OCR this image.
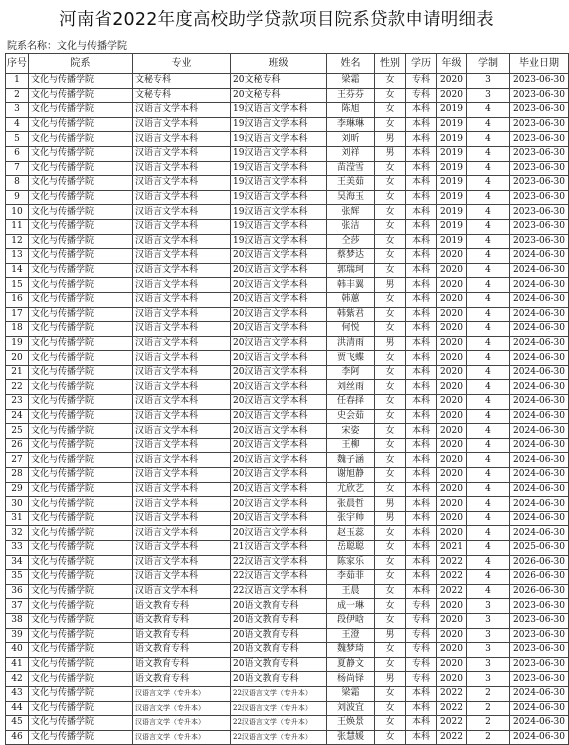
河南省2022年度高校助学贷款项目院系贷款申请明细表
院系名称：文化与传播学院
序号	院系	专业	班级	姓名	性别	学历	年级	学制	毕业日期
1	文化与传播学院	文秘专科	20文秘专科	梁霜	女	专科	2020	3	2023-06-30
2	文化与传播学院	文秘专科	20文秘专科	王芬芬	女	专科	2020	3	2023-06-30
3	文化与传播学院	汉语言文学本科	19汉语言文学本科	陈旭	女	本科	2019	4	2023-06-30
4	文化与传播学院	汉语言文学本科	19汉语言文学本科	李琳琳	女	本科	2019	4	2023-06-30
5	文化与传播学院	汉语言文学本科	19汉语言文学本科	刘昕	男	本科	2019	4	2023-06-30
6	文化与传播学院	汉语言文学本科	19汉语言文学本科	刘祥	男	本科	2019	4	2023-06-30
7	文化与传播学院	汉语言文学本科	19汉语言文学本科	苗滢雪	女	本科	2019	4	2023-06-30
8	文化与传播学院	汉语言文学本科	19汉语言文学本科	王美茹	女	本科	2019	4	2023-06-30
9	文化与传播学院	汉语言文学本科	19汉语言文学本科	吴海玉	女	本科	2019	4	2023-06-30
10	文化与传播学院	汉语言文学本科	19汉语言文学本科	张辉	女	本科	2019	4	2023-06-30
11	文化与传播学院	汉语言文学本科	19汉语言文学本科	张洁	女	本科	2019	4	2023-06-30
12	文化与传播学院	汉语言文学本科	19汉语言文学本科	仝莎	女	本科	2019	4	2023-06-30
13	文化与传播学院	汉语言文学本科	20汉语言文学本科	蔡梦达	女	本科	2020	4	2024-06-30
14	文化与传播学院	汉语言文学本科	20汉语言文学本科	郭瑞珂	女	本科	2020	4	2024-06-30
15	文化与传播学院	汉语言文学本科	20汉语言文学本科	韩丰翼	男	本科	2020	4	2024-06-30
16	文化与传播学院	汉语言文学本科	20汉语言文学本科	韩蕙	女	本科	2020	4	2024-06-30
17	文化与传播学院	汉语言文学本科	20汉语言文学本科	韩紫君	女	本科	2020	4	2024-06-30
18	文化与传播学院	汉语言文学本科	20汉语言文学本科	何悦	女	本科	2020	4	2024-06-30
19	文化与传播学院	汉语言文学本科	20汉语言文学本科	洪清雨	男	本科	2020	4	2024-06-30
20	文化与传播学院	汉语言文学本科	20汉语言文学本科	贾飞蝶	女	本科	2020	4	2024-06-30
21	文化与传播学院	汉语言文学本科	20汉语言文学本科	李阿	女	本科	2020	4	2024-06-30
22	文化与传播学院	汉语言文学本科	20汉语言文学本科	刘丝雨	女	本科	2020	4	2024-06-30
23	文化与传播学院	汉语言文学本科	20汉语言文学本科	任春择	女	本科	2020	4	2024-06-30
24	文化与传播学院	汉语言文学本科	20汉语言文学本科	史会茹	女	本科	2020	4	2024-06-30
25	文化与传播学院	汉语言文学本科	20汉语言文学本科	宋姿	女	本科	2020	4	2024-06-30
26	文化与传播学院	汉语言文学本科	20汉语言文学本科	王柳	女	本科	2020	4	2024-06-30
27	文化与传播学院	汉语言文学本科	20汉语言文学本科	魏子涵	女	本科	2020	4	2024-06-30
28	文化与传播学院	汉语言文学本科	20汉语言文学本科	谢旭静	女	本科	2020	4	2024-06-30
29	文化与传播学院	汉语言文学本科	20汉语言文学本科	尤欣艺	女	本科	2020	4	2024-06-30
30	文化与传播学院	汉语言文学本科	20汉语言文学本科	张晨哲	男	本科	2020	4	2024-06-30
31	文化与传播学院	汉语言文学本科	20汉语言文学本科	张宇帅	男	本科	2020	4	2024-06-30
32	文化与传播学院	汉语言文学本科	20汉语言文学本科	赵玉蕊	女	本科	2020	4	2024-06-30
33	文化与传播学院	汉语言文学本科	21汉语言文学本科	岳聪聪	女	本科	2021	4	2025-06-30
34	文化与传播学院	汉语言文学本科	22汉语言文学本科	陈家乐	女	本科	2022	4	2026-06-30
35	文化与传播学院	汉语言文学本科	22汉语言文学本科	李茹菲	女	本科	2022	4	2026-06-30
36	文化与传播学院	汉语言文学本科	22汉语言文学本科	王晨	女	本科	2022	4	2026-06-30
37	文化与传播学院	语文教育专科	20语文教育专科	成一琳	女	专科	2020	3	2023-06-30
38	文化与传播学院	语文教育专科	20语文教育专科	段伊晗	女	专科	2020	3	2023-06-30
39	文化与传播学院	语文教育专科	20语文教育专科	王澄	男	专科	2020	3	2023-06-30
40	文化与传播学院	语文教育专科	20语文教育专科	魏梦琦	女	专科	2020	3	2023-06-30
41	文化与传播学院	语文教育专科	20语文教育专科	夏静文	女	专科	2020	3	2023-06-30
42	文化与传播学院	语文教育专科	20语文教育专科	杨尚铎	男	专科	2020	3	2023-06-30
43	文化与传播学院	汉语言文学（专升本）	22汉语言文学（专升本）	梁霜	女	本科	2022	2	2024-06-30
44	文化与传播学院	汉语言文学（专升本）	22汉语言文学（专升本）	刘波宜	女	本科	2022	2	2024-06-30
45	文化与传播学院	汉语言文学（专升本）	22汉语言文学（专升本）	王焕景	女	本科	2022	2	2024-06-30
46	文化与传播学院	汉语言文学（专升本）	22汉语言文学（专升本）	张慧媛	女	本科	2022	2	2024-06-30
